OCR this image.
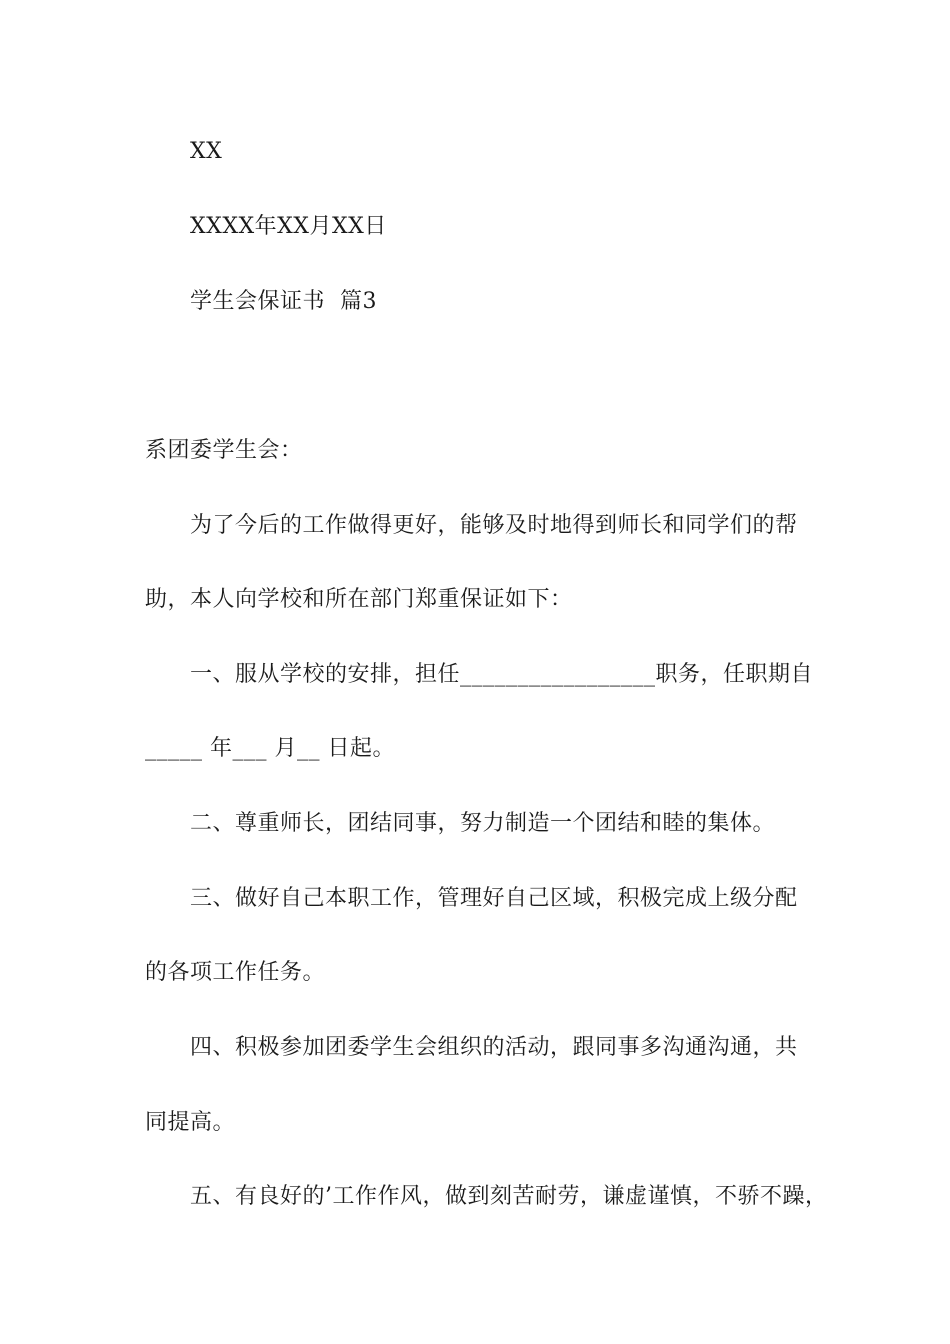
XX
XXXX年XX月XX日
学生会保证书  篇3
系团委学生会：
为了今后的工作做得更好，能够及时地得到师长和同学们的帮
助，本人向学校和所在部门郑重保证如下：
一、服从学校的安排，担任_________________职务，任职期自
_____ 年___ 月__ 日起。
二、尊重师长，团结同事，努力制造一个团结和睦的集体。
三、做好自己本职工作，管理好自己区域，积极完成上级分配
的各项工作任务。
四、积极参加团委学生会组织的活动，跟同事多沟通沟通，共
同提高。
五、有良好的’工作作风，做到刻苦耐劳，谦虚谨慎，不骄不躁，
